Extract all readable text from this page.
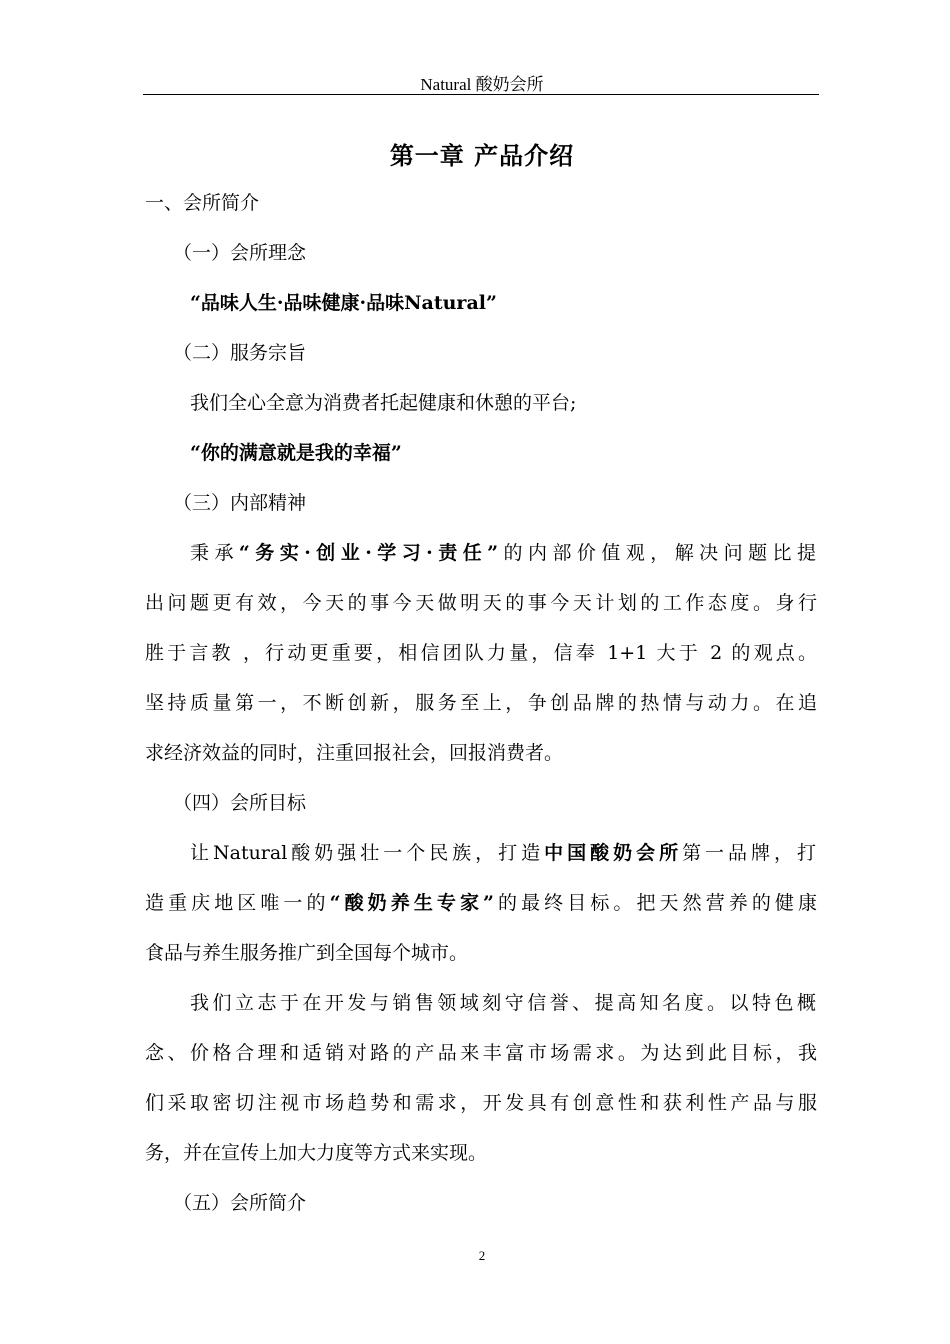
Natural 酸奶会所
第一章 产品介绍
一、会所简介
（一）会所理念
“品味人生·品味健康·品味Natural”
（二）服务宗旨
我们全心全意为消费者托起健康和休憩的平台;
“你的满意就是我的幸福”
（三）内部精神
秉承“务实·创业·学习·责任”的内部价值观，解决问题比提
出问题更有效，今天的事今天做明天的事今天计划的工作态度。身行
胜于言教 ，行动更重要，相信团队力量，信奉 1+1 大于 2 的观点。
坚持质量第一，不断创新，服务至上，争创品牌的热情与动力。在追
求经济效益的同时，注重回报社会，回报消费者。
（四）会所目标
让Natural酸奶强壮一个民族，打造中国酸奶会所第一品牌，打
造重庆地区唯一的“酸奶养生专家”的最终目标。把天然营养的健康
食品与养生服务推广到全国每个城市。
我们立志于在开发与销售领域刻守信誉、提高知名度。以特色概
念、价格合理和适销对路的产品来丰富市场需求。为达到此目标，我
们采取密切注视市场趋势和需求，开发具有创意性和获利性产品与服
务，并在宣传上加大力度等方式来实现。
（五）会所简介
2
